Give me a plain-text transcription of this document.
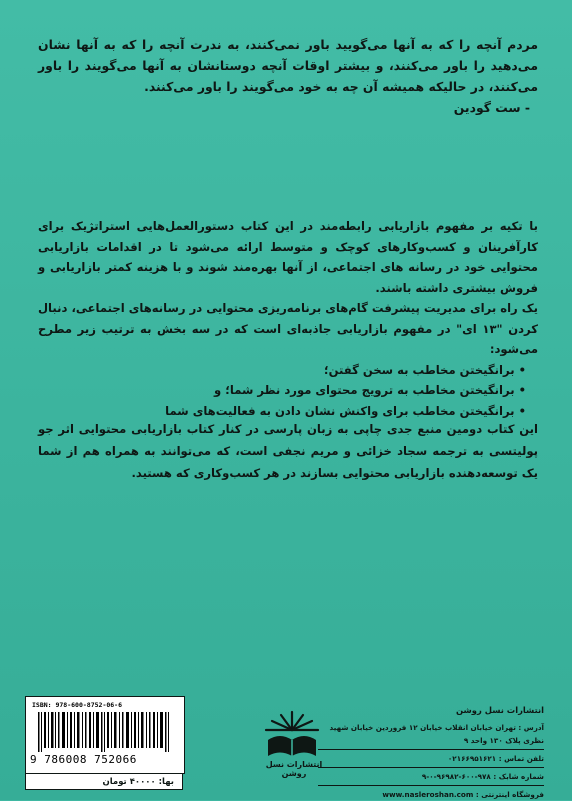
مردم آنچه را که به آنها می‌گویید باور نمی‌کنند، به ندرت آنچه را که به آنها نشان می‌دهید را باور می‌کنند، و بیشتر اوقات آنچه دوستانشان به آنها می‌گویند را باور می‌کنند، در حالیکه همیشه آن چه به خود می‌گویند را باور می‌کنند.
- ست گودین

با تکیه بر مفهوم بازاریابی رابطه‌مند در این کتاب دستورالعمل‌هایی استراتژیک برای کارآفرینان و کسب‌وکارهای کوچک و متوسط ارائه می‌شود تا در اقدامات بازاریابی محتوایی خود در رسانه های اجتماعی، از آنها بهره‌مند شوند و با هزینه کمتر بازاریابی و فروش بیشتری داشته باشند.

یک راه برای مدیریت پیشرفت گام‌های برنامه‌ریزی محتوایی در رسانه‌های اجتماعی، دنبال کردن "۱۳ ای" در مفهوم بازاریابی جاذبه‌ای است که در سه بخش به ترتیب زیر مطرح می‌شود:

• برانگیختن مخاطب به سخن گفتن؛
• برانگیختن مخاطب به ترویج محتوای مورد نظر شما؛ و
• برانگیختن مخاطب برای واکنش نشان دادن به فعالیت‌های شما

این کتاب دومین منبع جدی چاپی به زبان پارسی در کنار کتاب بازاریابی محتوایی اثر جو پولیتسی به ترجمه سجاد خزائی و مریم نجفی است، که می‌توانند به همراه هم از شما یک توسعه‌دهنده بازاریابی محتوایی بسازند در هر کسب‌وکاری که هستید.

انتشارات نسل روشن
آدرس : تهران خیابان انقلاب خیابان ۱۲ فروردین خیابان شهید نظری پلاک ۱۳۰ واحد ۹
تلفن تماس : ۰۲۱۶۶۹۵۱۶۲۱
شماره شابک : ۹۷۸-۶۰۰-۹۶۹۸۲-۰-۹
فروشگاه اینترنتی : www.nasleroshan.com
انتشارات نسل روشن
ISBN: 978-600-8752-06-6
9 786008 752066
بها: ۴۰۰۰۰ تومان
